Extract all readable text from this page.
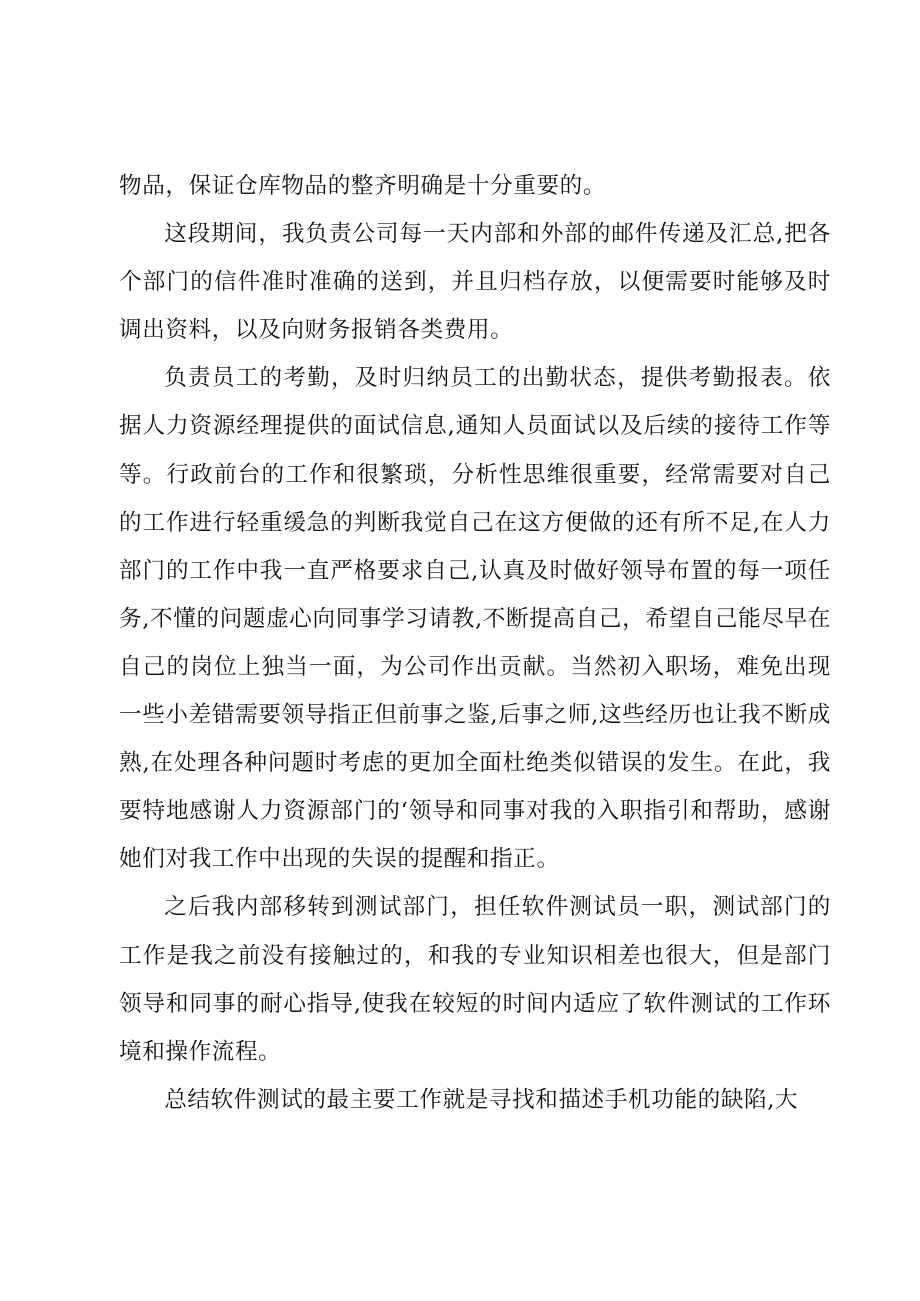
物品，保证仓库物品的整齐明确是十分重要的。

这段期间，我负责公司每一天内部和外部的邮件传递及汇总,把各个部门的信件准时准确的送到，并且归档存放，以便需要时能够及时调出资料，以及向财务报销各类费用。

负责员工的考勤，及时归纳员工的出勤状态，提供考勤报表。依据人力资源经理提供的面试信息,通知人员面试以及后续的接待工作等等。行政前台的工作和很繁琐，分析性思维很重要，经常需要对自己的工作进行轻重缓急的判断我觉自己在这方便做的还有所不足,在人力部门的工作中我一直严格要求自己,认真及时做好领导布置的每一项任务,不懂的问题虚心向同事学习请教,不断提高自己，希望自己能尽早在自己的岗位上独当一面，为公司作出贡献。当然初入职场，难免出现一些小差错需要领导指正但前事之鉴,后事之师,这些经历也让我不断成熟,在处理各种问题时考虑的更加全面杜绝类似错误的发生。在此，我要特地感谢人力资源部门的‘领导和同事对我的入职指引和帮助，感谢她们对我工作中出现的失误的提醒和指正。

之后我内部移转到测试部门，担任软件测试员一职，测试部门的工作是我之前没有接触过的，和我的专业知识相差也很大，但是部门领导和同事的耐心指导,使我在较短的时间内适应了软件测试的工作环境和操作流程。

总结软件测试的最主要工作就是寻找和描述手机功能的缺陷,大
